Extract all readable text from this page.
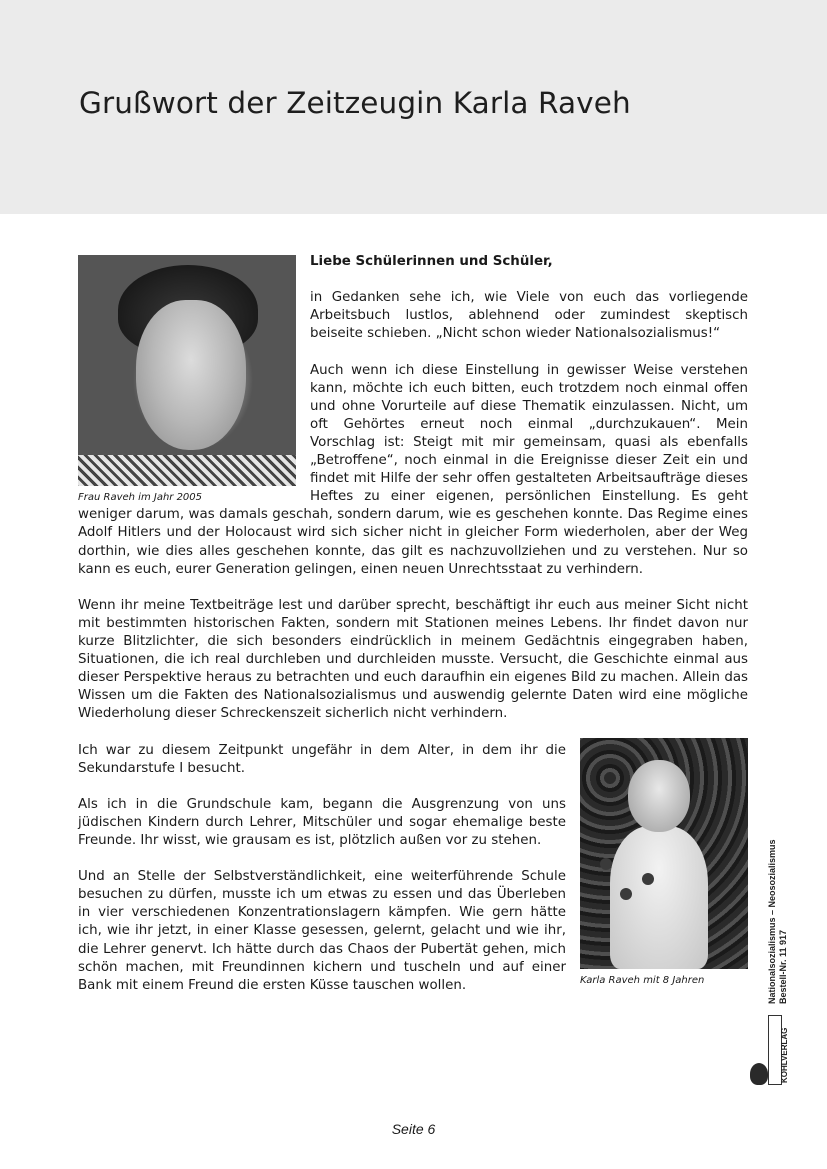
Grußwort der Zeitzeugin Karla Raveh
Frau Raveh im Jahr 2005

Liebe Schülerinnen und Schüler,

in Gedanken sehe ich, wie Viele von euch das vorliegende Arbeitsbuch lustlos, ablehnend oder zumindest skeptisch beiseite schieben. „Nicht schon wieder Nationalsozialismus!“

Auch wenn ich diese Einstellung in gewisser Weise verstehen kann, möchte ich euch bitten, euch trotzdem noch einmal offen und ohne Vorurteile auf diese Thematik einzulassen. Nicht, um oft Gehörtes erneut noch einmal „durchzukauen“. Mein Vorschlag ist: Steigt mit mir gemeinsam, quasi als ebenfalls „Betroffene“, noch einmal in die Ereignisse dieser Zeit ein und findet mit Hilfe der sehr offen gestalteten Arbeitsaufträge dieses Heftes zu einer eigenen, persönlichen Einstellung. Es geht weniger darum, was damals geschah, sondern darum, wie es geschehen konnte. Das Regime eines Adolf Hitlers und der Holocaust wird sich sicher nicht in gleicher Form wiederholen, aber der Weg dorthin, wie dies alles geschehen konnte, das gilt es nachzuvollziehen und zu verstehen. Nur so kann es euch, eurer Generation gelingen, einen neuen Unrechtsstaat zu verhindern.

Wenn ihr meine Textbeiträge lest und darüber sprecht, beschäftigt ihr euch aus meiner Sicht nicht mit bestimmten historischen Fakten, sondern mit Stationen meines Lebens. Ihr findet davon nur kurze Blitzlichter, die sich besonders eindrücklich in meinem Gedächtnis eingegraben haben, Situationen, die ich real durchleben und durchleiden musste. Versucht, die Geschichte einmal aus dieser Perspektive heraus zu betrachten und euch daraufhin ein eigenes Bild zu machen. Allein das Wissen um die Fakten des Nationalsozialismus und auswendig gelernte Daten wird eine mögliche Wiederholung dieser Schreckenszeit sicherlich nicht verhindern.

Karla Raveh mit 8 Jahren

Ich war zu diesem Zeitpunkt ungefähr in dem Alter, in dem ihr die Sekundarstufe I besucht.

Als ich in die Grundschule kam, begann die Ausgrenzung von uns jüdischen Kindern durch Lehrer, Mitschüler und sogar ehemalige beste Freunde. Ihr wisst, wie grausam es ist, plötzlich außen vor zu stehen.

Und an Stelle der Selbstverständlichkeit, eine weiterführende Schule besuchen zu dürfen, musste ich um etwas zu essen und das Überleben in vier verschiedenen Konzentrationslagern kämpfen. Wie gern hätte ich, wie ihr jetzt, in einer Klasse gesessen, gelernt, gelacht und wie ihr, die Lehrer genervt. Ich hätte durch das Chaos der Pubertät gehen, mich schön machen, mit Freundinnen kichern und tuscheln und auf einer Bank mit einem Freund die ersten Küsse tauschen wollen.	Nationalsozialismus – Neosozialismus Bestell-Nr. 11 917
KOHLVERLAG
Seite 6
